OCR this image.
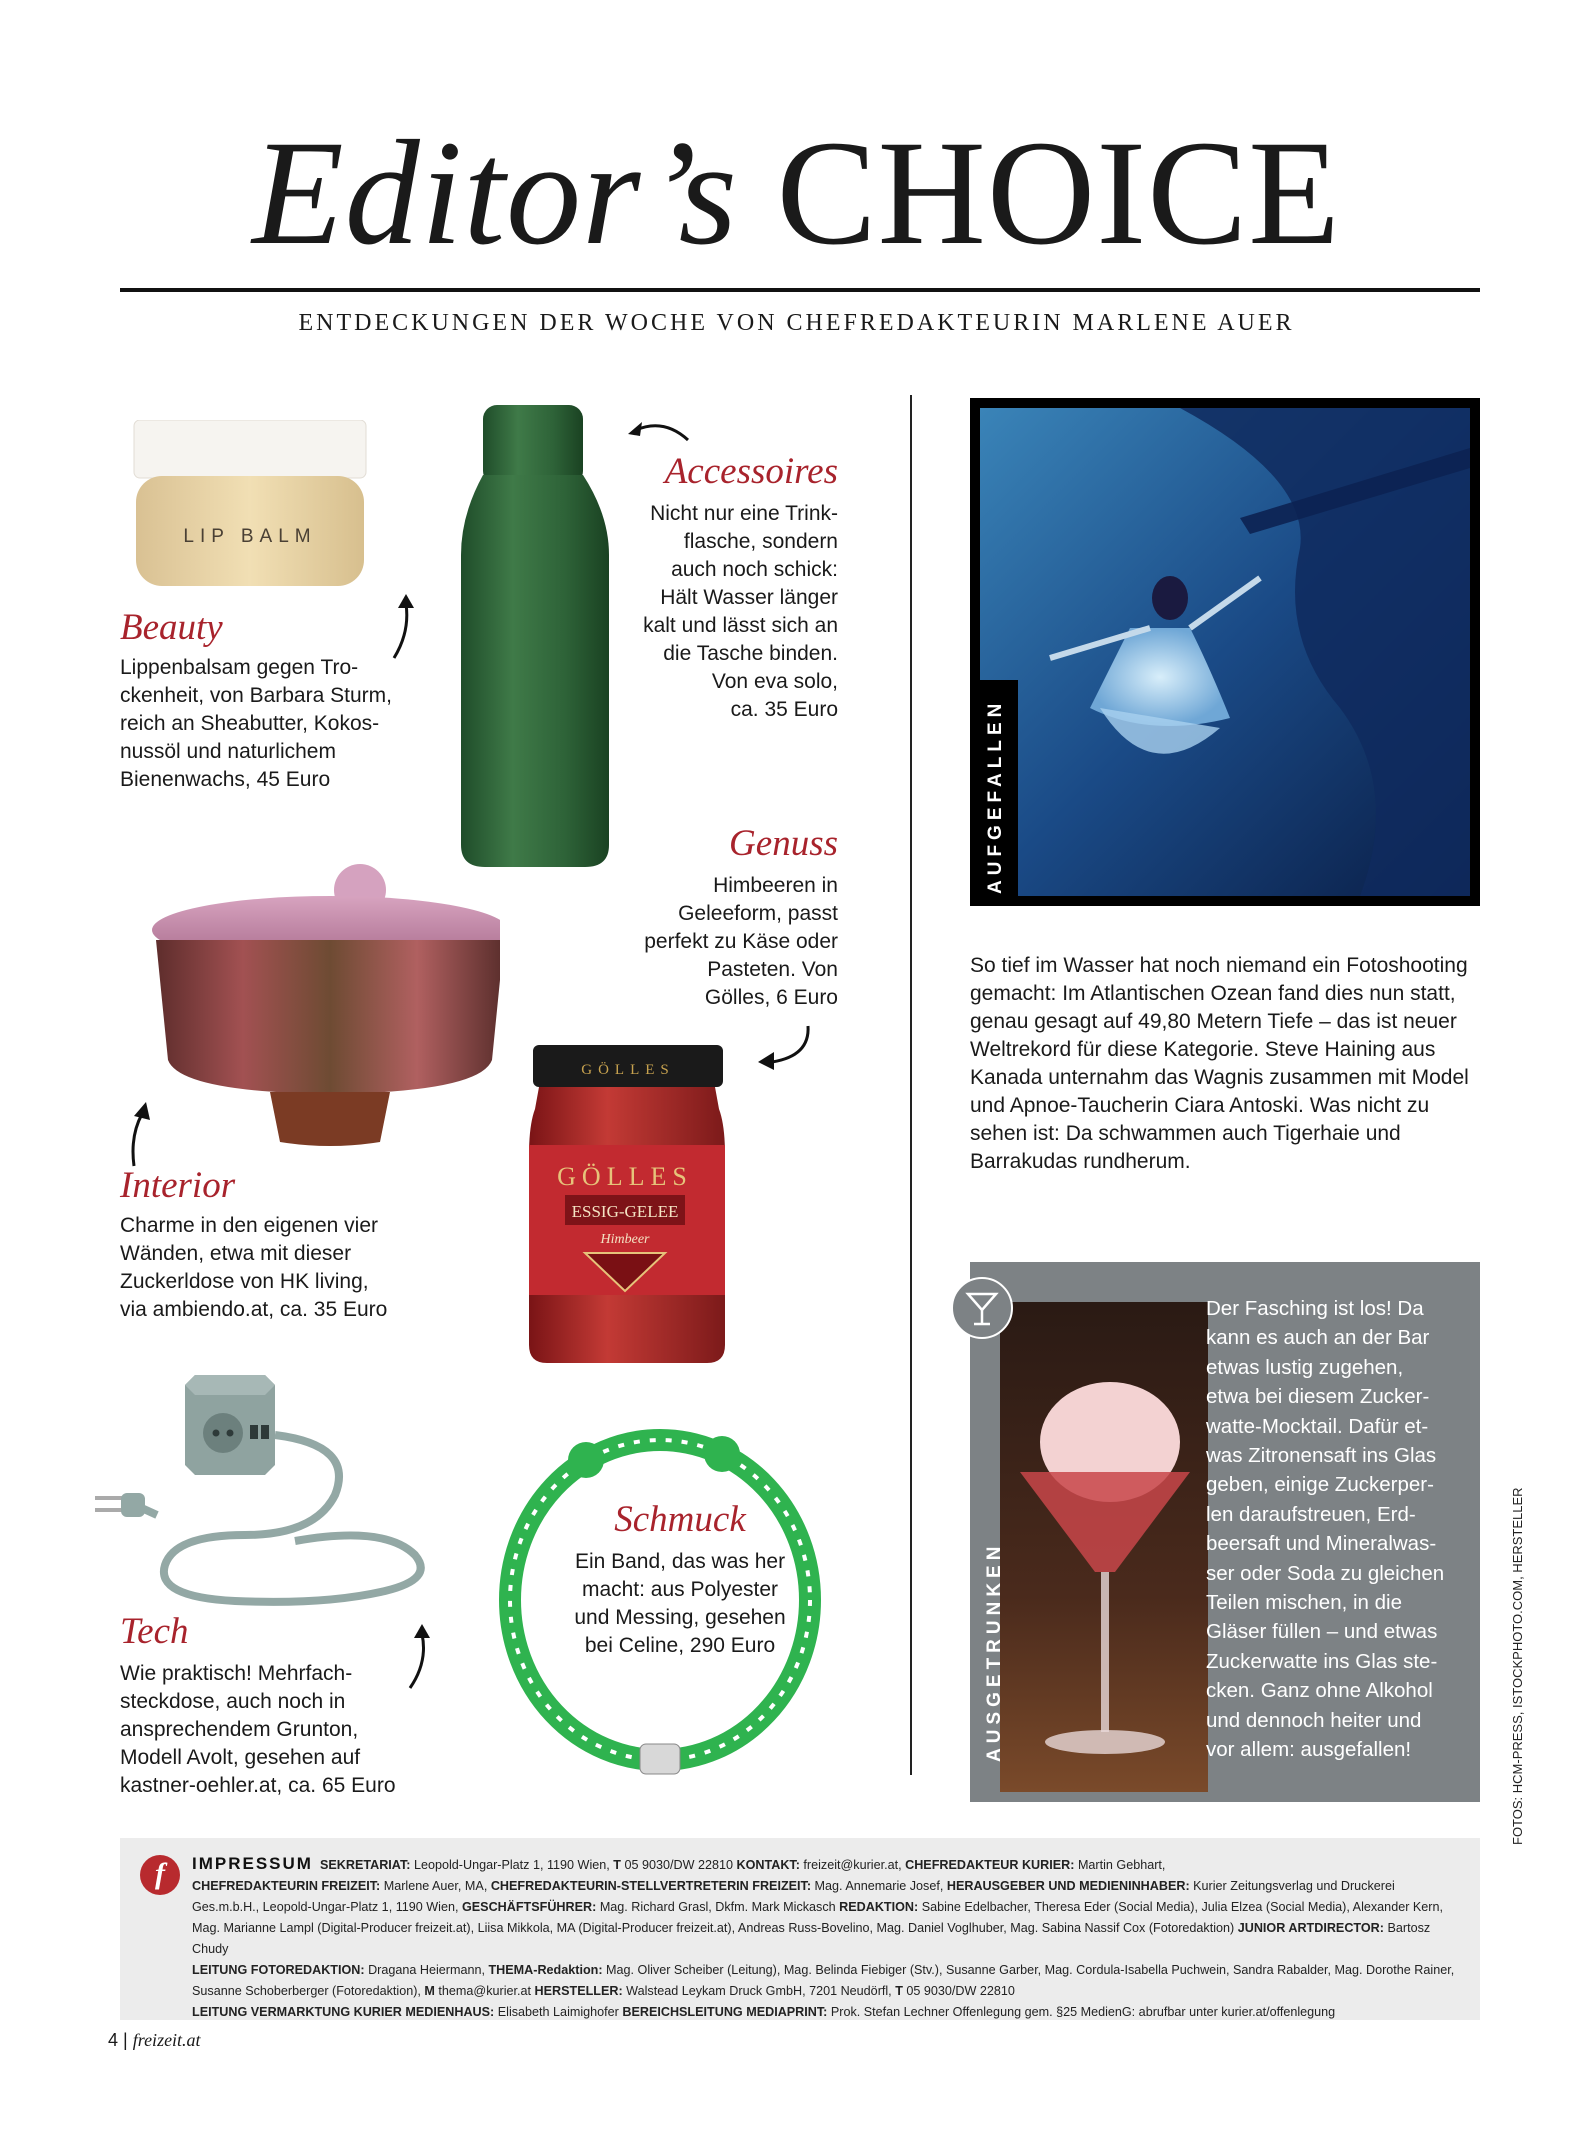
Editor’s CHOICE
ENTDECKUNGEN DER WOCHE VON CHEFREDAKTEURIN MARLENE AUER
LIP BALM
Accessoires
Nicht nur eine Trink-
flasche, sondern
auch noch schick:
Hält Wasser länger
kalt und lässt sich an
die Tasche binden.
Von eva solo,
ca. 35 Euro
Beauty
Lippenbalsam gegen Tro-
ckenheit, von Barbara Sturm,
reich an Sheabutter, Kokos-
nussöl und naturlichem
Bienenwachs, 45 Euro
Genuss
Himbeeren in
Geleeform, passt
perfekt zu Käse oder
Pasteten. Von
Gölles, 6 Euro
Interior
Charme in den eigenen vier
Wänden, etwa mit dieser
Zuckerldose von HK living,
via ambiendo.at, ca. 35 Euro
GÖLLES
GÖLLES
ESSIG-GELEE
Himbeer
Tech
Wie praktisch! Mehrfach-
steckdose, auch noch in
ansprechendem Grunton,
Modell Avolt, gesehen auf
kastner-oehler.at, ca. 65 Euro
Schmuck
Ein Band, das was her
macht: aus Polyester
und Messing, gesehen
bei Celine, 290 Euro
AUFGEFALLEN
So tief im Wasser hat noch niemand ein Fotoshooting
gemacht: Im Atlantischen Ozean fand dies nun statt,
genau gesagt auf 49,80 Metern Tiefe – das ist neuer
Weltrekord für diese Kategorie. Steve Haining aus
Kanada unternahm das Wagnis zusammen mit Model
und Apnoe-Taucherin Ciara Antoski. Was nicht zu
sehen ist: Da schwammen auch Tigerhaie und
Barrakudas rundherum.
AUSGETRUNKEN
Der Fasching ist los! Da
kann es auch an der Bar
etwas lustig zugehen,
etwa bei diesem Zucker-
watte-Mocktail. Dafür et-
was Zitronensaft ins Glas
geben, einige Zuckerper-
len daraufstreuen, Erd-
beersaft und Mineralwas-
ser oder Soda zu gleichen
Teilen mischen, in die
Gläser füllen – und etwas
Zuckerwatte ins Glas ste-
cken. Ganz ohne Alkohol
und dennoch heiter und
vor allem: ausgefallen!	FOTOS: HCM-PRESS, ISTOCKPHOTO.COM, HERSTELLER
f	IMPRESSUM SEKRETARIAT: Leopold-Ungar-Platz 1, 1190 Wien, T 05 9030/DW 22810 KONTAKT: freizeit@kurier.at, CHEFREDAKTEUR KURIER: Martin Gebhart,
CHEFREDAKTEURIN FREIZEIT: Marlene Auer, MA, CHEFREDAKTEURIN-STELLVERTRETERIN FREIZEIT: Mag. Annemarie Josef, HERAUSGEBER UND MEDIENINHABER: Kurier Zeitungsverlag und Druckerei
Ges.m.b.H., Leopold-Ungar-Platz 1, 1190 Wien, GESCHÄFTSFÜHRER: Mag. Richard Grasl, Dkfm. Mark Mickasch REDAKTION: Sabine Edelbacher, Theresa Eder (Social Media), Julia Elzea (Social Media), Alexander Kern,
Mag. Marianne Lampl (Digital-Producer freizeit.at), Liisa Mikkola, MA (Digital-Producer freizeit.at), Andreas Russ-Bovelino, Mag. Daniel Voglhuber, Mag. Sabina Nassif Cox (Fotoredaktion) JUNIOR ARTDIRECTOR: Bartosz Chudy
LEITUNG FOTOREDAKTION: Dragana Heiermann, THEMA-Redaktion: Mag. Oliver Scheiber (Leitung), Mag. Belinda Fiebiger (Stv.), Susanne Garber, Mag. Cordula-Isabella Puchwein, Sandra Rabalder, Mag. Dorothe Rainer,
Susanne Schoberberger (Fotoredaktion), M thema@kurier.at HERSTELLER: Walstead Leykam Druck GmbH, 7201 Neudörfl, T 05 9030/DW 22810
LEITUNG VERMARKTUNG KURIER MEDIENHAUS: Elisabeth Laimighofer BEREICHSLEITUNG MEDIAPRINT: Prok. Stefan Lechner Offenlegung gem. §25 MedienG: abrufbar unter kurier.at/offenlegung
4 | freizeit.at
